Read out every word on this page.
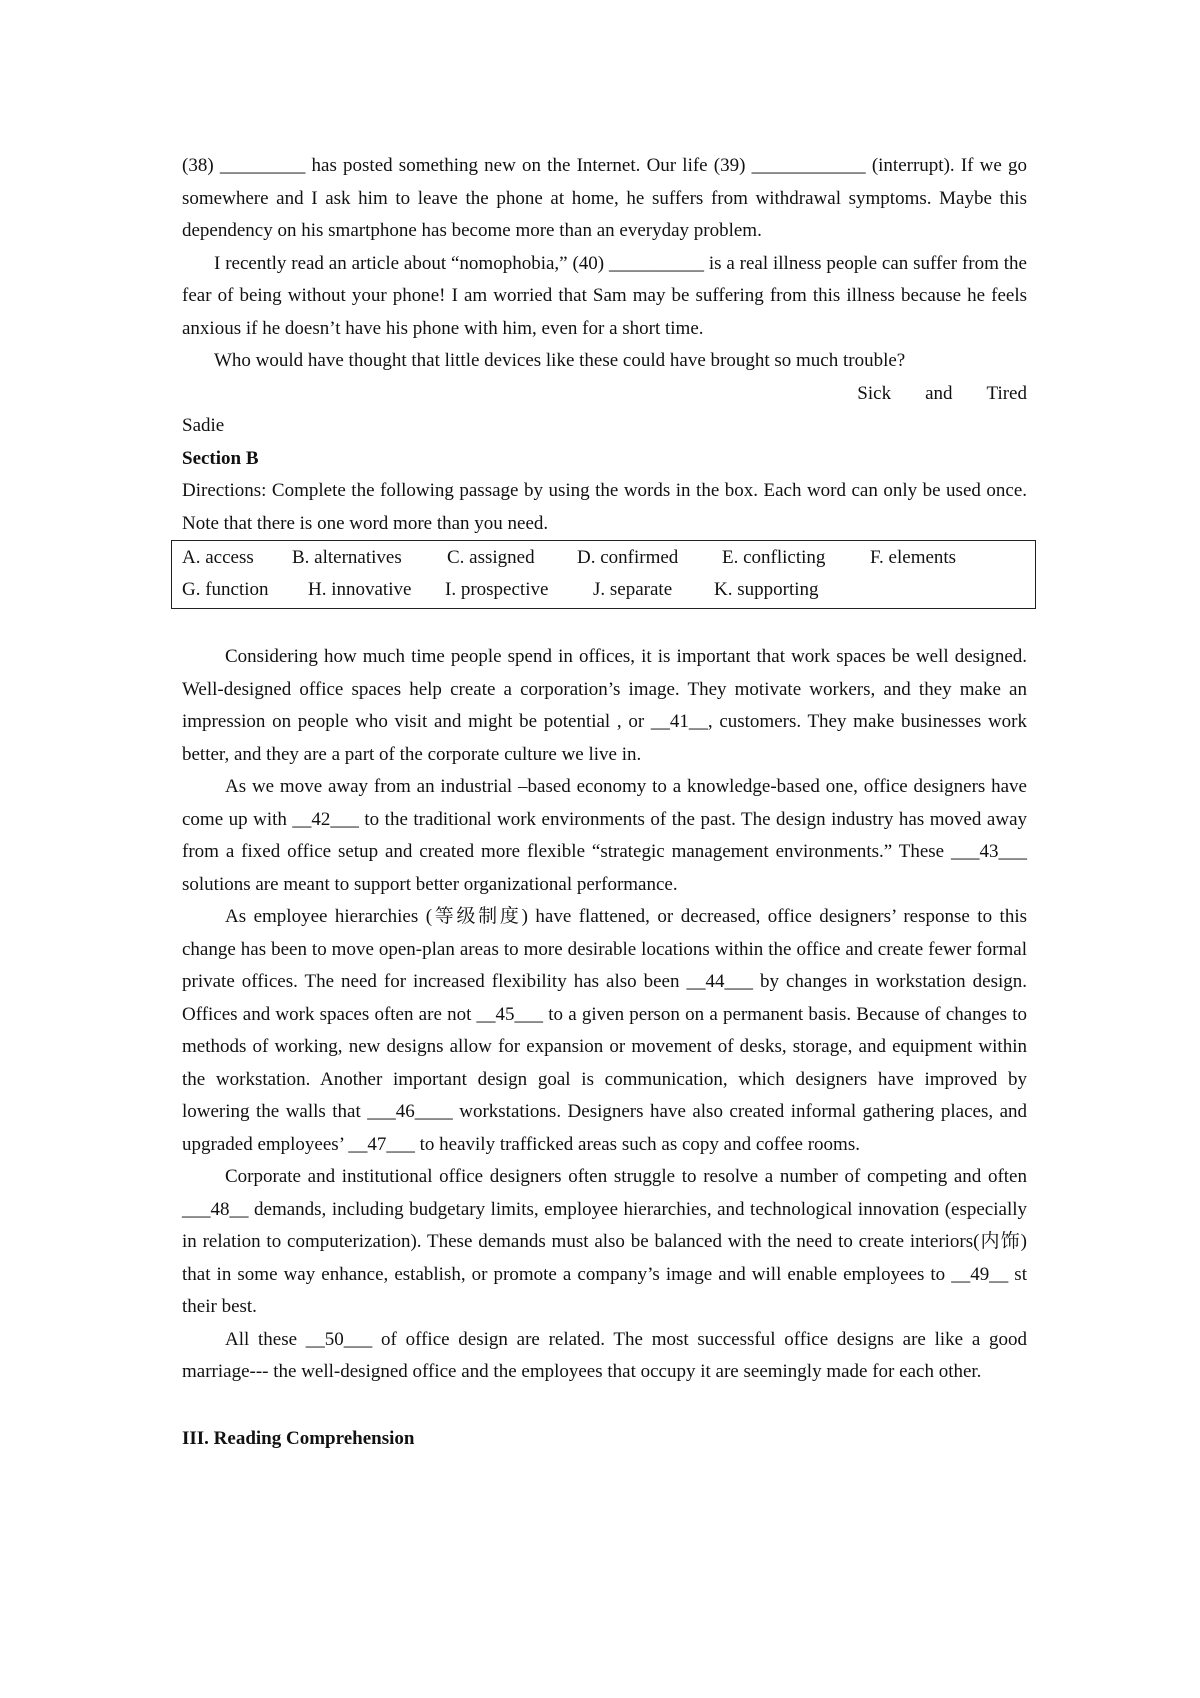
(38) _________ has posted something new on the Internet. Our life (39) ____________ (interrupt). If we go somewhere and I ask him to leave the phone at home, he suffers from withdrawal symptoms. Maybe this dependency on his smartphone has become more than an everyday problem.

I recently read an article about “nomophobia,” (40) __________ is a real illness people can suffer from the fear of being without your phone! I am worried that Sam may be suffering from this illness because he feels anxious if he doesn’t have his phone with him, even for a short time.

Who would have thought that little devices like these could have brought so much trouble?

Sick and Tired

Sadie

Section B

Directions: Complete the following passage by using the words in the box. Each word can only be used once. Note that there is one word more than you need.

A. access	B. alternatives	C. assigned	D. confirmed	E. conflicting	F. elements
G. function	H. innovative	I. prospective	J. separate	K. supporting

Considering how much time people spend in offices, it is important that work spaces be well designed. Well-designed office spaces help create a corporation’s image. They motivate workers, and they make an impression on people who visit and might be potential , or __41__, customers. They make businesses work better, and they are a part of the corporate culture we live in.

As we move away from an industrial –based economy to a knowledge-based one, office designers have come up with __42___ to the traditional work environments of the past. The design industry has moved away from a fixed office setup and created more flexible “strategic management environments.” These ___43___ solutions are meant to support better organizational performance.

As employee hierarchies (等级制度) have flattened, or decreased, office designers’ response to this change has been to move open-plan areas to more desirable locations within the office and create fewer formal private offices. The need for increased flexibility has also been __44___ by changes in workstation design. Offices and work spaces often are not __45___ to a given person on a permanent basis. Because of changes to methods of working, new designs allow for expansion or movement of desks, storage, and equipment within the workstation. Another important design goal is communication, which designers have improved by lowering the walls that ___46____ workstations. Designers have also created informal gathering places, and upgraded employees’ __47___ to heavily trafficked areas such as copy and coffee rooms.

Corporate and institutional office designers often struggle to resolve a number of competing and often ___48__ demands, including budgetary limits, employee hierarchies, and technological innovation (especially in relation to computerization). These demands must also be balanced with the need to create interiors(内饰) that in some way enhance, establish, or promote a company’s image and will enable employees to __49__ st their best.

All these __50___ of office design are related. The most successful office designs are like a good marriage--- the well-designed office and the employees that occupy it are seemingly made for each other.

III. Reading Comprehension
